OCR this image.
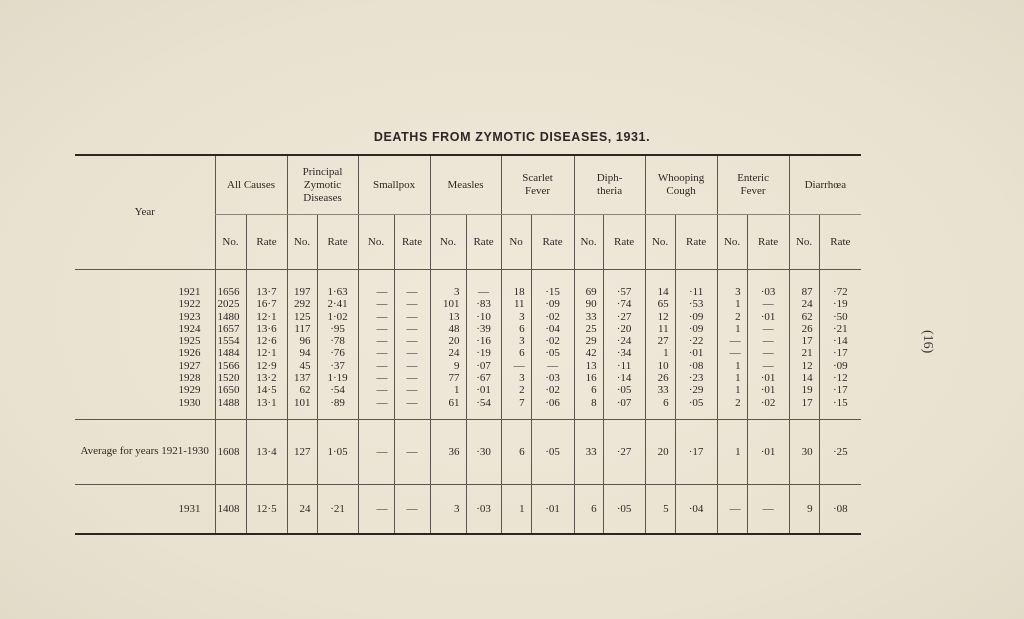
DEATHS FROM ZYMOTIC DISEASES, 1931.
(16)
Year	All Causes		Principal Zymotic Diseases		Smallpox		Measles		Scarlet Fever		Diph-theria		Whooping Cough		Enteric Fever		Diarrhœa	
	No.	Rate	No.	Rate	No.	Rate	No.	Rate	No	Rate	No.	Rate	No.	Rate	No.	Rate	No.	Rate
1921	1656	13·7	197	1·63	—	—	3	—	18	·15	69	·57	14	·11	3	·03	87	·72
1922	2025	16·7	292	2·41	—	—	101	·83	11	·09	90	·74	65	·53	1	—	24	·19
1923	1480	12·1	125	1·02	—	—	13	·10	3	·02	33	·27	12	·09	2	·01	62	·50
1924	1657	13·6	117	·95	—	—	48	·39	6	·04	25	·20	11	·09	1	—	26	·21
1925	1554	12·6	96	·78	—	—	20	·16	3	·02	29	·24	27	·22	—	—	17	·14
1926	1484	12·1	94	·76	—	—	24	·19	6	·05	42	·34	1	·01	—	—	21	·17
1927	1566	12·9	45	·37	—	—	9	·07	—	—	13	·11	10	·08	1	—	12	·09
1928	1520	13·2	137	1·19	—	—	77	·67	3	·03	16	·14	26	·23	1	·01	14	·12
1929	1650	14·5	62	·54	—	—	1	·01	2	·02	6	·05	33	·29	1	·01	19	·17
1930	1488	13·1	101	·89	—	—	61	·54	7	·06	8	·07	6	·05	2	·02	17	·15
Average for years 1921-1930	1608	13·4	127	1·05	—	—	36	·30	6	·05	33	·27	20	·17	1	·01	30	·25
1931	1408	12·5	24	·21	—	—	3	·03	1	·01	6	·05	5	·04	—	—	9	·08
